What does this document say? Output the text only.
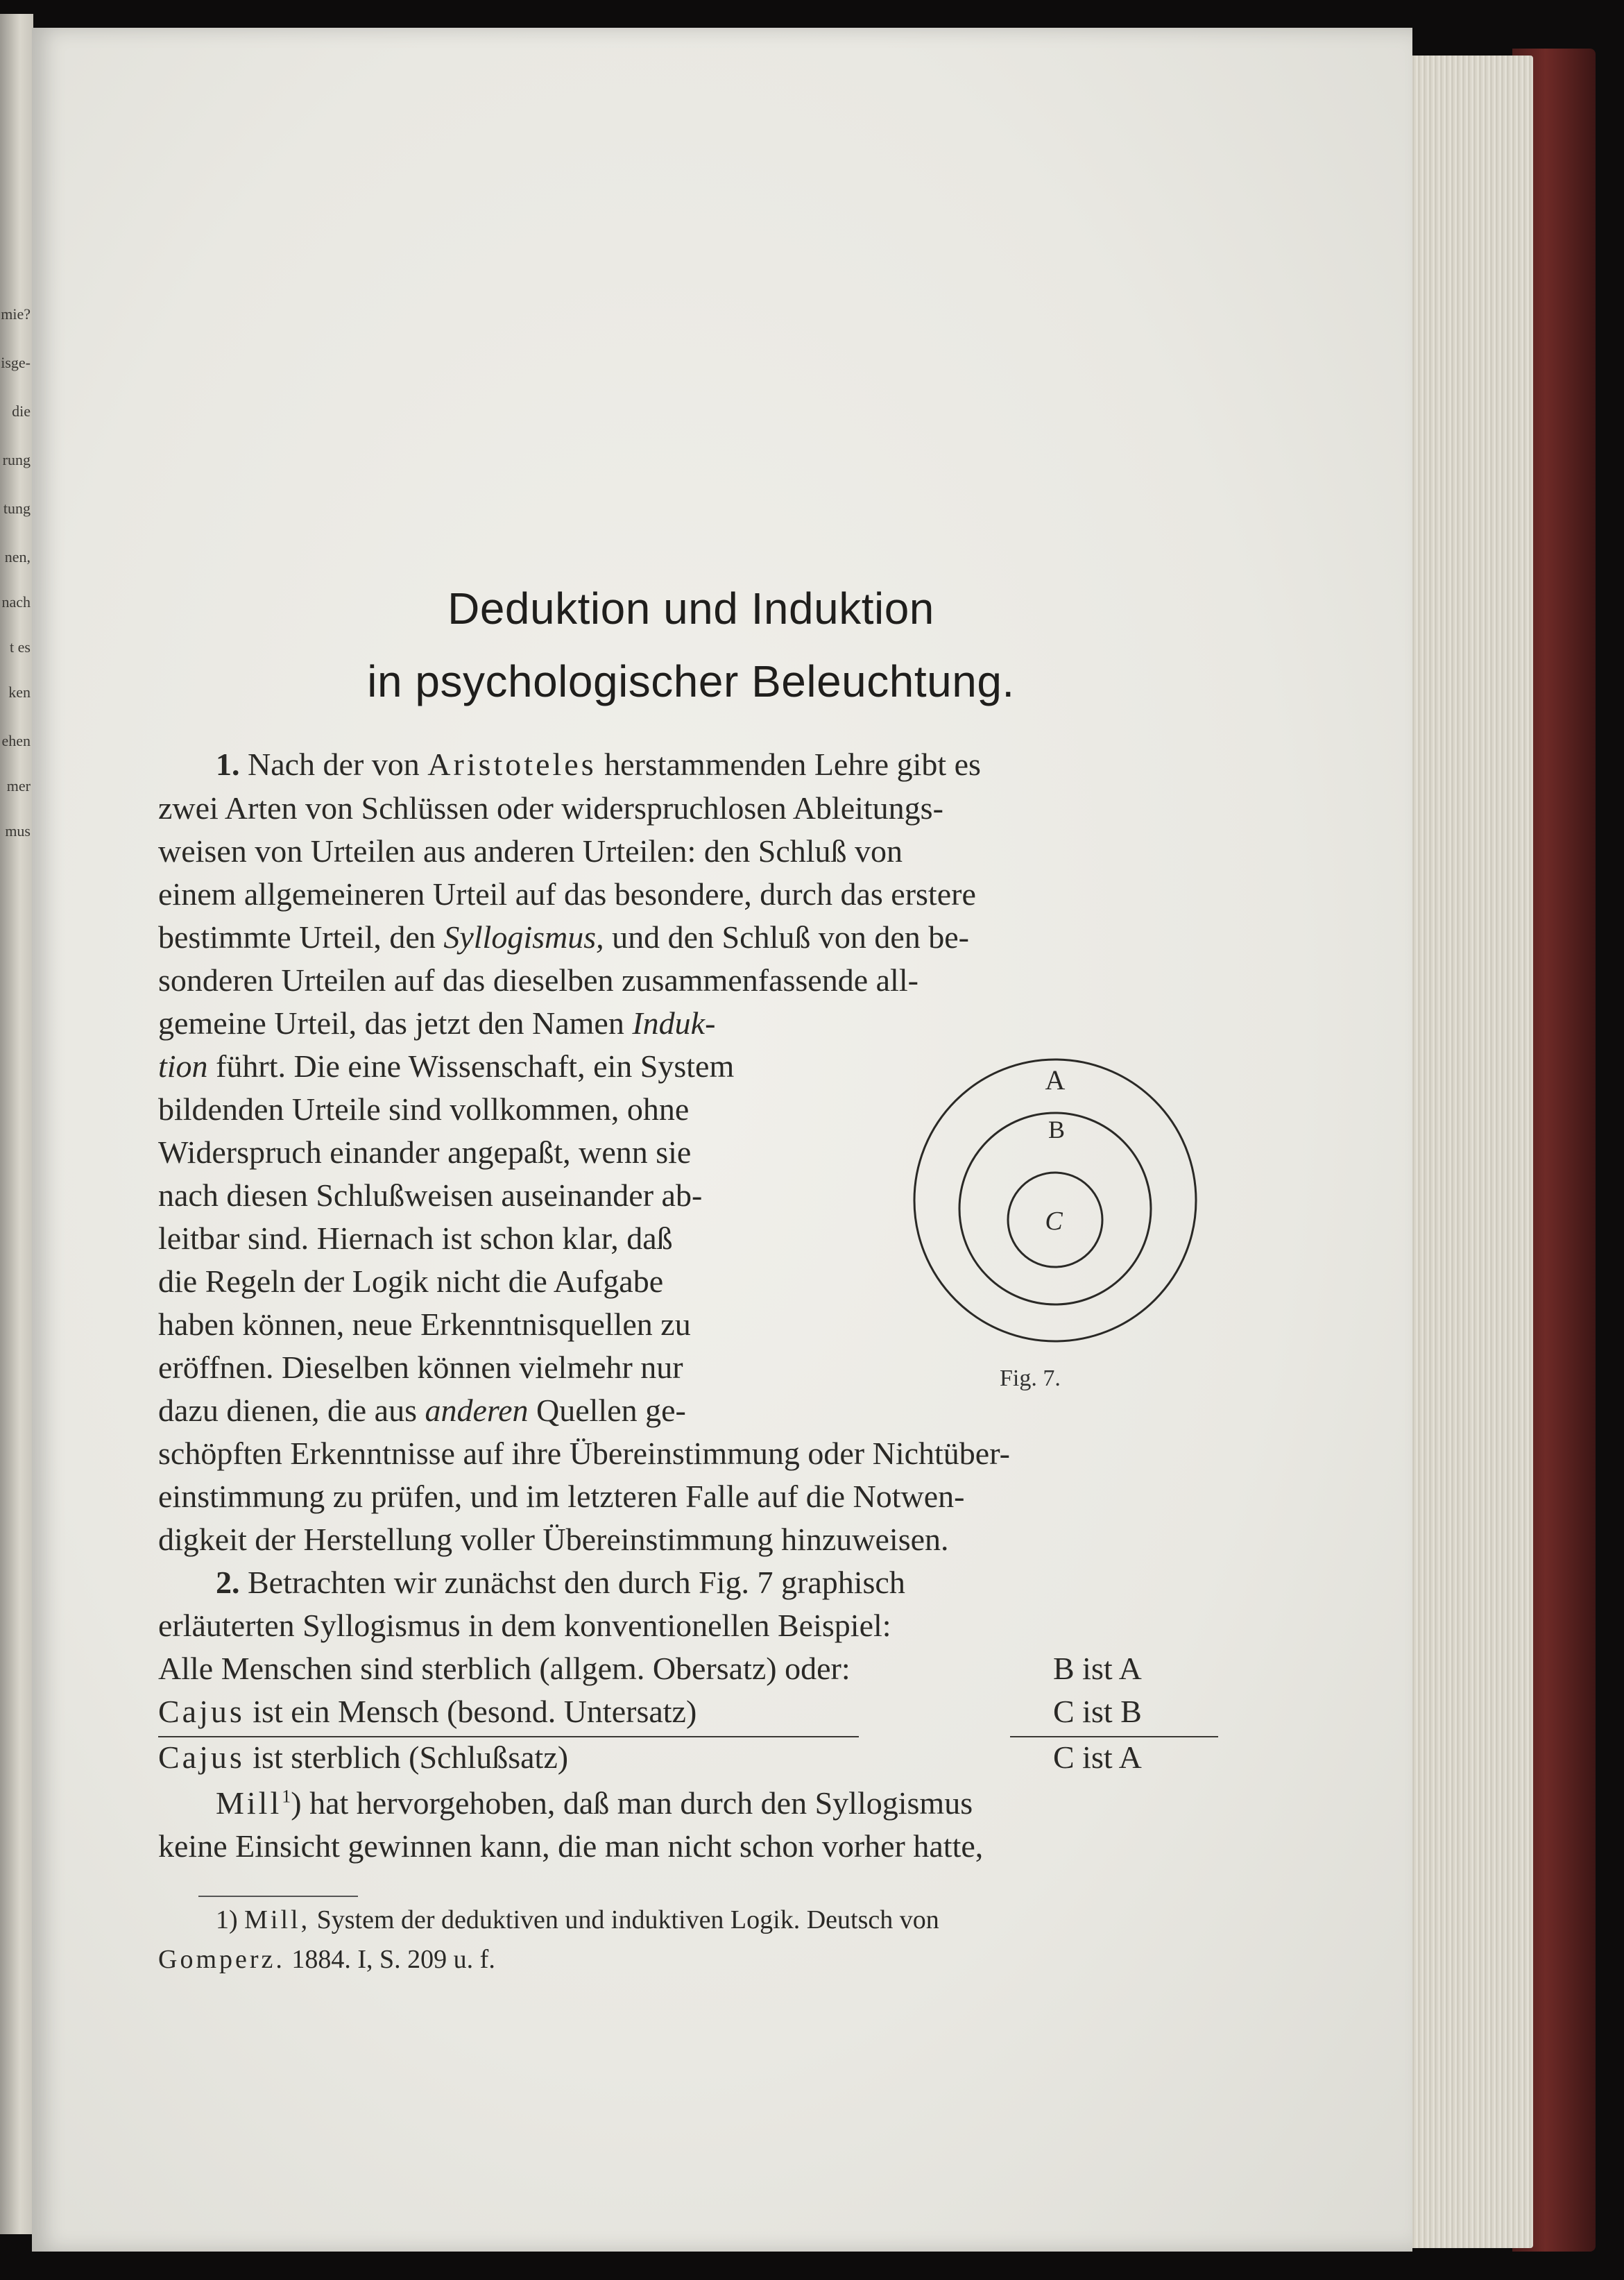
mie?
isge-
die
rung
tung
nen,
nach
t es
ken
ehen
mer
mus
Deduktion und Induktion
in psychologischer Beleuchtung.

1. Nach der von Aristoteles herstammenden Lehre gibt es

zwei Arten von Schlüssen oder widerspruchlosen Ableitungs-

weisen von Urteilen aus anderen Urteilen: den Schluß von

einem allgemeineren Urteil auf das besondere, durch das erstere

bestimmte Urteil, den Syllogismus, und den Schluß von den be-

sonderen Urteilen auf das dieselben zusammenfassende all-

gemeine Urteil, das jetzt den Namen Induk-

tion führt. Die eine Wissenschaft, ein System

bildenden Urteile sind vollkommen, ohne

Widerspruch einander angepaßt, wenn sie

nach diesen Schlußweisen auseinander ab-

leitbar sind. Hiernach ist schon klar, daß

die Regeln der Logik nicht die Aufgabe

haben können, neue Erkenntnisquellen zu

eröffnen. Dieselben können vielmehr nur

dazu dienen, die aus anderen Quellen ge-

schöpften Erkenntnisse auf ihre Übereinstimmung oder Nichtüber-

einstimmung zu prüfen, und im letzteren Falle auf die Notwen-

digkeit der Herstellung voller Übereinstimmung hinzuweisen.

A
B
C
Fig. 7.

2. Betrachten wir zunächst den durch Fig. 7 graphisch

erläuterten Syllogismus in dem konventionellen Beispiel:

Alle Menschen sind sterblich (allgem. Obersatz) oder:	B ist A

Cajus ist ein Mensch (besond. Untersatz)	C ist B

Cajus ist sterblich (Schlußsatz)	C ist A

Mill$^1$) hat hervorgehoben, daß man durch den Syllogismus

keine Einsicht gewinnen kann, die man nicht schon vorher hatte,

1) Mill, System der deduktiven und induktiven Logik. Deutsch von

Gomperz. 1884. I, S. 209 u. f.
